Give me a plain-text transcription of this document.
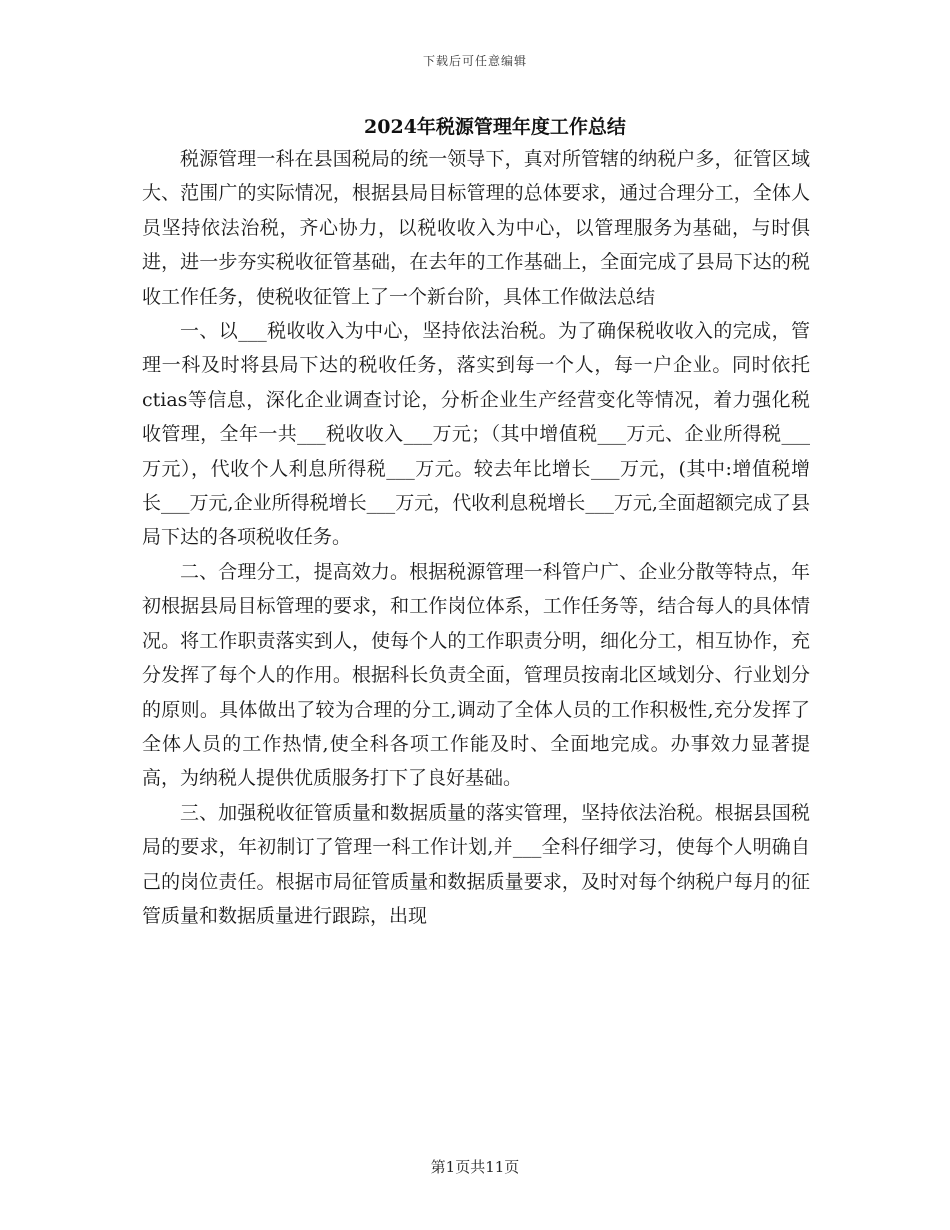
下载后可任意编辑
2024年税源管理年度工作总结

税源管理一科在县国税局的统一领导下，真对所管辖的纳税户多，征管区域大、范围广的实际情况，根据县局目标管理的总体要求，通过合理分工，全体人员坚持依法治税，齐心协力，以税收收入为中心，以管理服务为基础，与时俱进，进一步夯实税收征管基础，在去年的工作基础上，全面完成了县局下达的税收工作任务，使税收征管上了一个新台阶，具体工作做法总结

一、以___税收收入为中心，坚持依法治税。为了确保税收收入的完成，管理一科及时将县局下达的税收任务，落实到每一个人，每一户企业。同时依托ctias等信息，深化企业调查讨论，分析企业生产经营变化等情况，着力强化税收管理，全年一共___税收收入___万元；（其中增值税___万元、企业所得税___万元），代收个人利息所得税___万元。较去年比增长___万元，(其中:增值税增长___万元,企业所得税增长___万元，代收利息税增长___万元,全面超额完成了县局下达的各项税收任务。

二、合理分工，提高效力。根据税源管理一科管户广、企业分散等特点，年初根据县局目标管理的要求，和工作岗位体系，工作任务等，结合每人的具体情况。将工作职责落实到人，使每个人的工作职责分明，细化分工，相互协作，充分发挥了每个人的作用。根据科长负责全面，管理员按南北区域划分、行业划分的原则。具体做出了较为合理的分工,调动了全体人员的工作积极性,充分发挥了全体人员的工作热情,使全科各项工作能及时、全面地完成。办事效力显著提高，为纳税人提供优质服务打下了良好基础。

三、加强税收征管质量和数据质量的落实管理，坚持依法治税。根据县国税局的要求，年初制订了管理一科工作计划,并___全科仔细学习，使每个人明确自己的岗位责任。根据市局征管质量和数据质量要求，及时对每个纳税户每月的征管质量和数据质量进行跟踪，出现

第1页共11页
